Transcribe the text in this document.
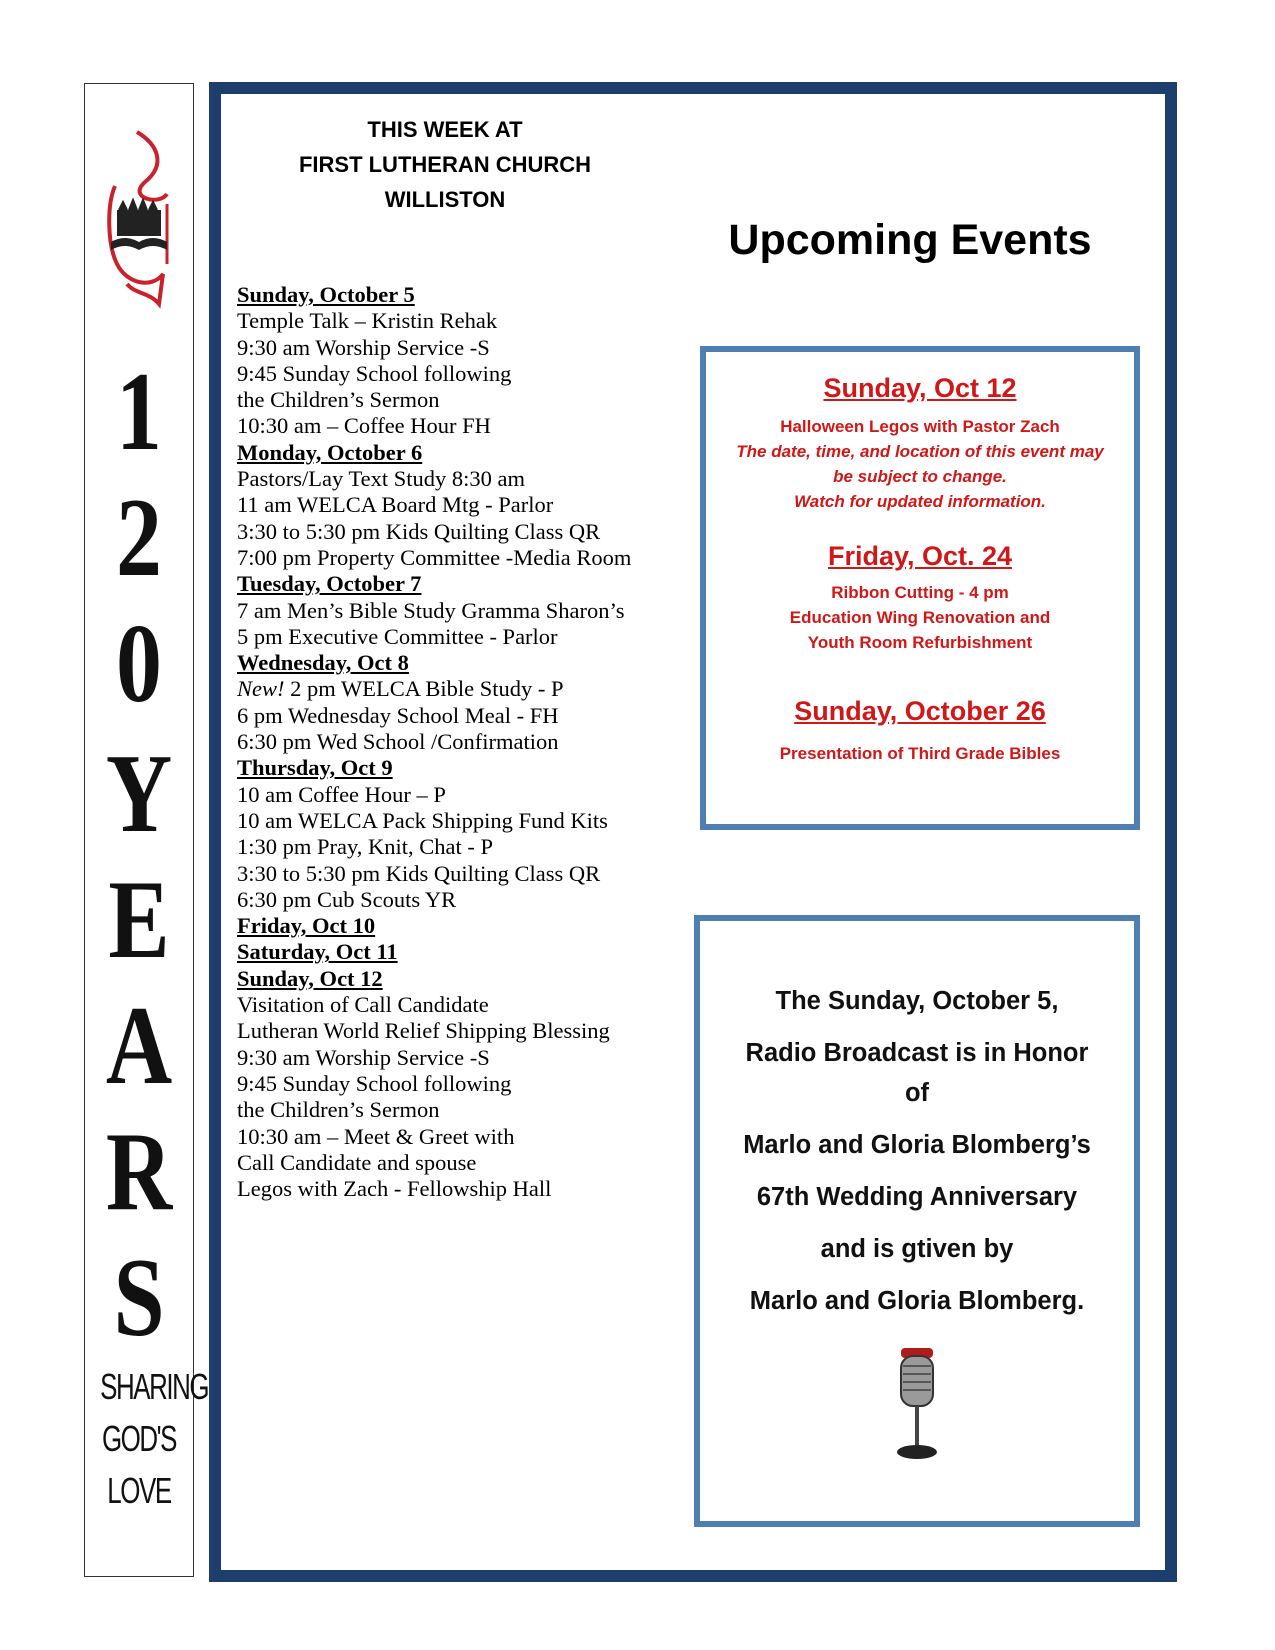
1
2
0
Y
E
A
R
S
SHARING
GOD'S
LOVE
THIS WEEK AT
FIRST LUTHERAN CHURCH
WILLISTON
Sunday, October 5
Temple Talk – Kristin Rehak
9:30 am Worship Service -S
9:45 Sunday School following
the Children’s Sermon
10:30 am – Coffee Hour FH
Monday, October 6
Pastors/Lay Text Study 8:30 am
11 am WELCA Board Mtg - Parlor
3:30 to 5:30 pm Kids Quilting Class QR
7:00 pm Property Committee -Media Room
Tuesday, October 7
7 am Men’s Bible Study Gramma Sharon’s
5 pm Executive Committee - Parlor
Wednesday, Oct 8
New! 2 pm WELCA Bible Study - P
6 pm Wednesday School Meal - FH
6:30 pm Wed School /Confirmation
Thursday, Oct 9
10 am Coffee Hour – P
10 am WELCA Pack Shipping Fund Kits
1:30 pm Pray, Knit, Chat - P
3:30 to 5:30 pm Kids Quilting Class QR
6:30 pm Cub Scouts YR
Friday, Oct 10
Saturday, Oct 11
Sunday, Oct 12
Visitation of Call Candidate
Lutheran World Relief Shipping Blessing
9:30 am Worship Service -S
9:45 Sunday School following
the Children’s Sermon
10:30 am – Meet & Greet with
Call Candidate and spouse
Legos with Zach - Fellowship Hall
Upcoming Events
Sunday, Oct 12
Halloween Legos with Pastor Zach
The date, time, and location of this event may
be subject to change.
Watch for updated information.
Friday, Oct. 24
Ribbon Cutting - 4 pm
Education Wing Renovation and
Youth Room Refurbishment
Sunday, October 26
Presentation of Third Grade Bibles
The Sunday, October 5,
Radio Broadcast is in Honor
of
Marlo and Gloria Blomberg’s
67th Wedding Anniversary
and is gtiven by
Marlo and Gloria Blomberg.
